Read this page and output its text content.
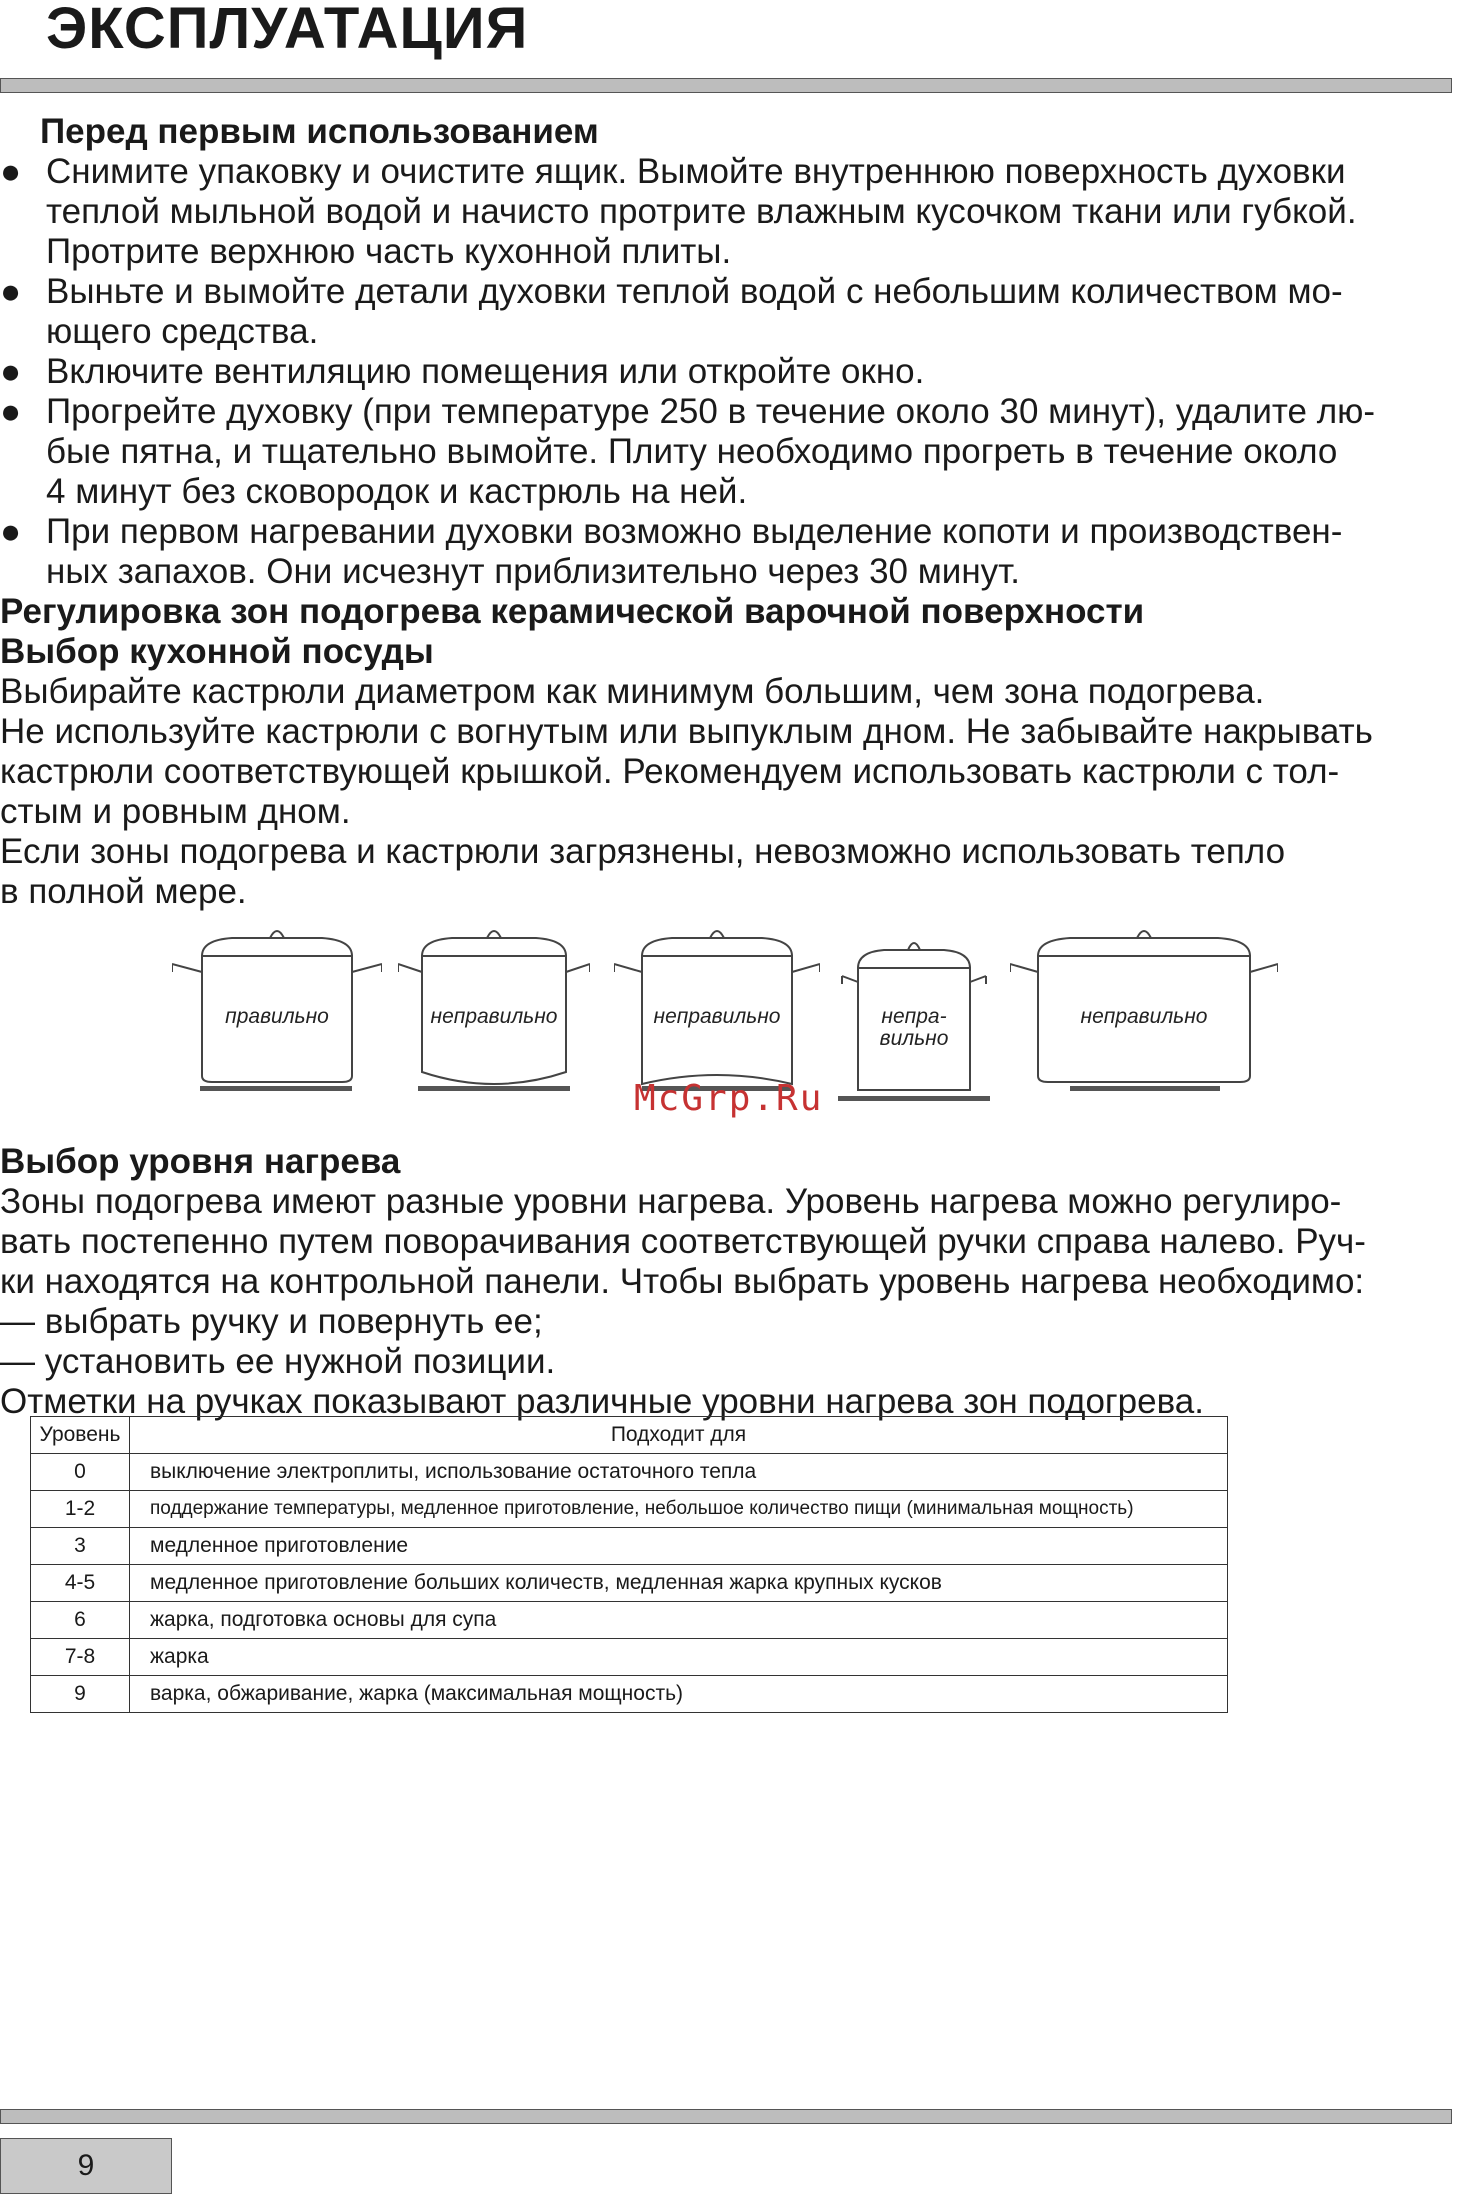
ЭКСПЛУАТАЦИЯ

Перед первым использованием

● Снимите упаковку и очистите ящик. Вымойте внутреннюю поверхность духовки
теплой мыльной водой и начисто протрите влажным кусочком ткани или губкой.
Протрите верхнюю часть кухонной плиты.
● Выньте и вымойте детали духовки теплой водой с небольшим количеством мо-
ющего средства.
● Включите вентиляцию помещения или откройте окно.
● Прогрейте духовку (при температуре 250 в течение около 30 минут), удалите лю-
бые пятна, и тщательно вымойте. Плиту необходимо прогреть в течение около
4 минут без сковородок и кастрюль на ней.
● При первом нагревании духовки возможно выделение копоти и производствен-
ных запахов. Они исчезнут приблизительно через 30 минут.

Регулировка зон подогрева керамической варочной поверхности

Выбор кухонной посуды

Выбирайте кастрюли диаметром как минимум большим, чем зона подогрева.

Не используйте кастрюли с вогнутым или выпуклым дном. Не забывайте накрывать

кастрюли соответствующей крышкой. Рекомендуем использовать кастрюли с тол-

стым и ровным дном.

Если зоны подогрева и кастрюли загрязнены, невозможно использовать тепло

в полной мере.

правильно	неправильно	неправильно	непра-
вильно
неправильно

Выбор уровня нагрева

Зоны подогрева имеют разные уровни нагрева. Уровень нагрева можно регулиро-

вать постепенно путем поворачивания соответствующей ручки справа налево. Руч-

ки находятся на контрольной панели. Чтобы выбрать уровень нагрева необходимо:

— выбрать ручку и повернуть ее;

— установить ее нужной позиции.

Отметки на ручках показывают различные уровни нагрева зон подогрева.

McGrp.Ru
Уровень	Подходит для
0	выключение электроплиты, использование остаточного тепла
1-2	поддержание температуры, медленное приготовление, небольшое количество пищи (минимальная мощность)
3	медленное приготовление
4-5	медленное приготовление больших количеств, медленная жарка крупных кусков
6	жарка, подготовка основы для супа
7-8	жарка
9	варка, обжаривание, жарка (максимальная мощность)
9
